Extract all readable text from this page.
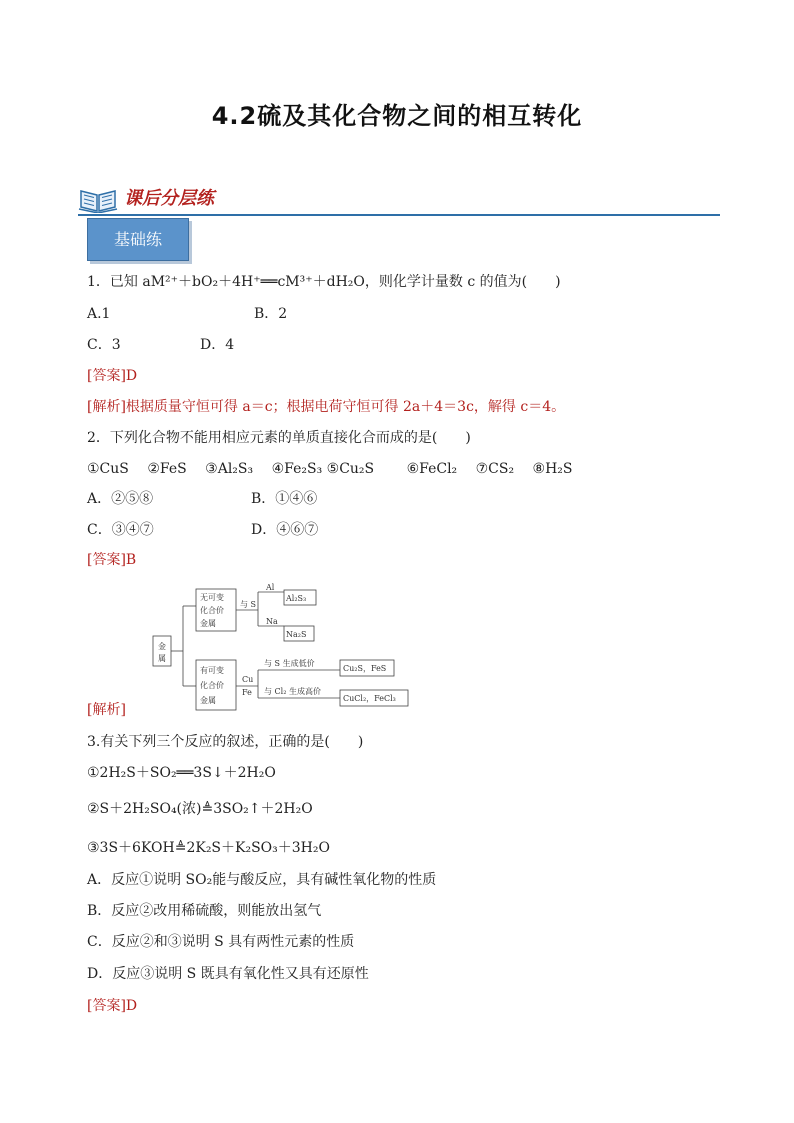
4.2硫及其化合物之间的相互转化
课后分层练
基础练
1．已知 aM²⁺＋bO₂＋4H⁺══cM³⁺＋dH₂O，则化学计量数 c 的值为(　　)
A.1	B．2
C．3	D．4
[答案]D
[解析]根据质量守恒可得 a＝c；根据电荷守恒可得 2a＋4＝3c，解得 c＝4。
2．下列化合物不能用相应元素的单质直接化合而成的是(　　)
①CuS　 ②FeS　 ③Al₂S₃　 ④Fe₂S₃ ⑤Cu₂S　　 ⑥FeCl₂　 ⑦CS₂　 ⑧H₂S
A．②⑤⑧	B．①④⑥
C．③④⑦	D．④⑥⑦
[答案]B
金
属
无可变
化合价
金属
有可变
化合价
金属
与 S
Al
Na
Al₂S₃
Na₂S
Cu
Fe
与 S 生成低价
与 Cl₂ 生成高价
Cu₂S，FeS
CuCl₂，FeCl₃
[解析]
3.有关下列三个反应的叙述，正确的是(　　)
①2H₂S＋SO₂══3S↓＋2H₂O
②S＋2H₂SO₄(浓)≜3SO₂↑＋2H₂O
③3S＋6KOH≜2K₂S＋K₂SO₃＋3H₂O
A．反应①说明 SO₂能与酸反应，具有碱性氧化物的性质
B．反应②改用稀硫酸，则能放出氢气
C．反应②和③说明 S 具有两性元素的性质
D．反应③说明 S 既具有氧化性又具有还原性
[答案]D
